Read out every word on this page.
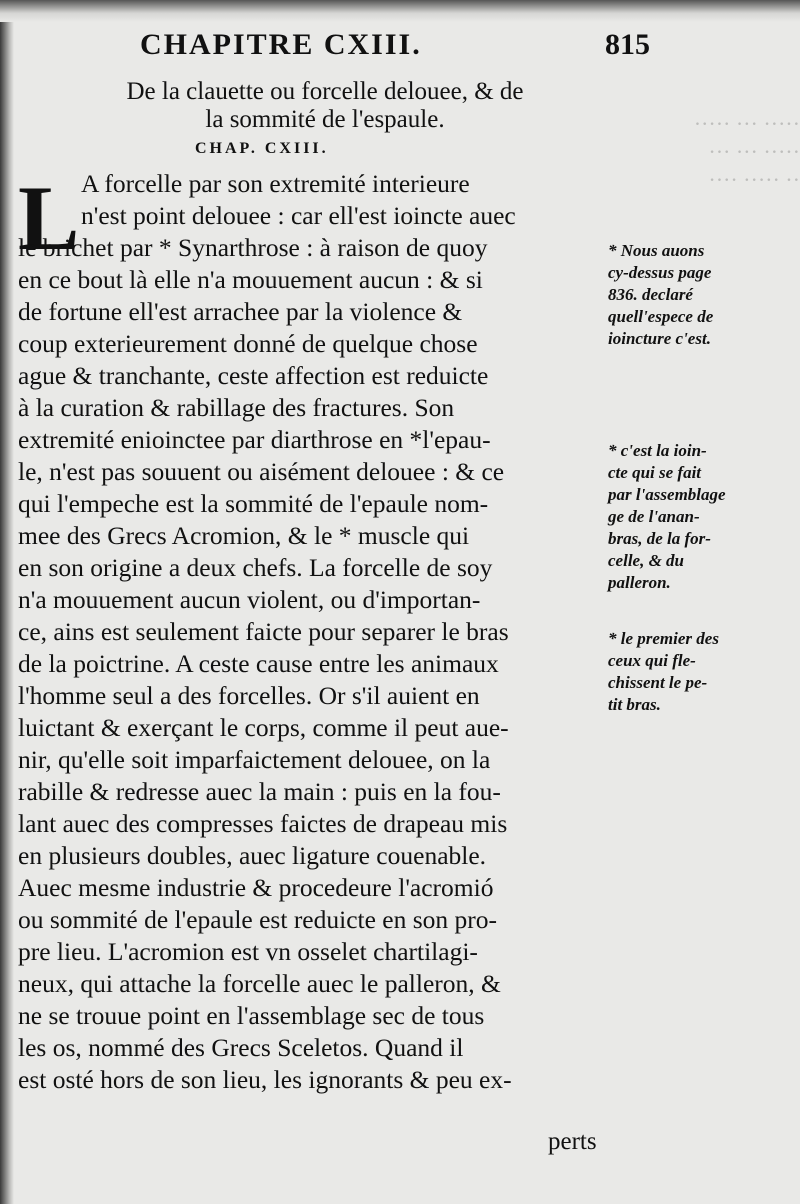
····· ··· ·····
····· ··· ···
·· ····· ····
CHAPITRE CXIII.	815
De la clauette ou forcelle delouee, & de
la sommité de l'espaule.
CHAP. CXIII.
L A forcelle par son extremité interieure
n'est point delouee : car ell'est ioincte auec
le brichet par * Synarthrose : à raison de quoy
en ce bout là elle n'a mouuement aucun : & si
de fortune ell'est arrachee par la violence &
coup exterieurement donné de quelque chose
ague & tranchante, ceste affection est reduicte
à la curation & rabillage des fractures. Son
extremité enioinctee par diarthrose en *l'epau-
le, n'est pas souuent ou aisément delouee : & ce
qui l'empeche est la sommité de l'epaule nom-
mee des Grecs Acromion, & le * muscle qui
en son origine a deux chefs. La forcelle de soy
n'a mouuement aucun violent, ou d'importan-
ce, ains est seulement faicte pour separer le bras
de la poictrine. A ceste cause entre les animaux
l'homme seul a des forcelles. Or s'il auient en
luictant & exerçant le corps, comme il peut aue-
nir, qu'elle soit imparfaictement delouee, on la
rabille & redresse auec la main : puis en la fou-
lant auec des compresses faictes de drapeau mis
en plusieurs doubles, auec ligature couenable.
Auec mesme industrie & procedeure l'acromió
ou sommité de l'epaule est reduicte en son pro-
pre lieu. L'acromion est vn osselet chartilagi-
neux, qui attache la forcelle auec le palleron, &
ne se trouue point en l'assemblage sec de tous
les os, nommé des Grecs Sceletos. Quand il
est osté hors de son lieu, les ignorants & peu ex-
* Nous auons
cy-dessus page
836. declaré
quell'espece de
ioincture c'est.
* c'est la ioin-
cte qui se fait
par l'assemblage
ge de l'anan-
bras, de la for-
celle, & du
palleron.
* le premier des
ceux qui fle-
chissent le pe-
tit bras.
perts
